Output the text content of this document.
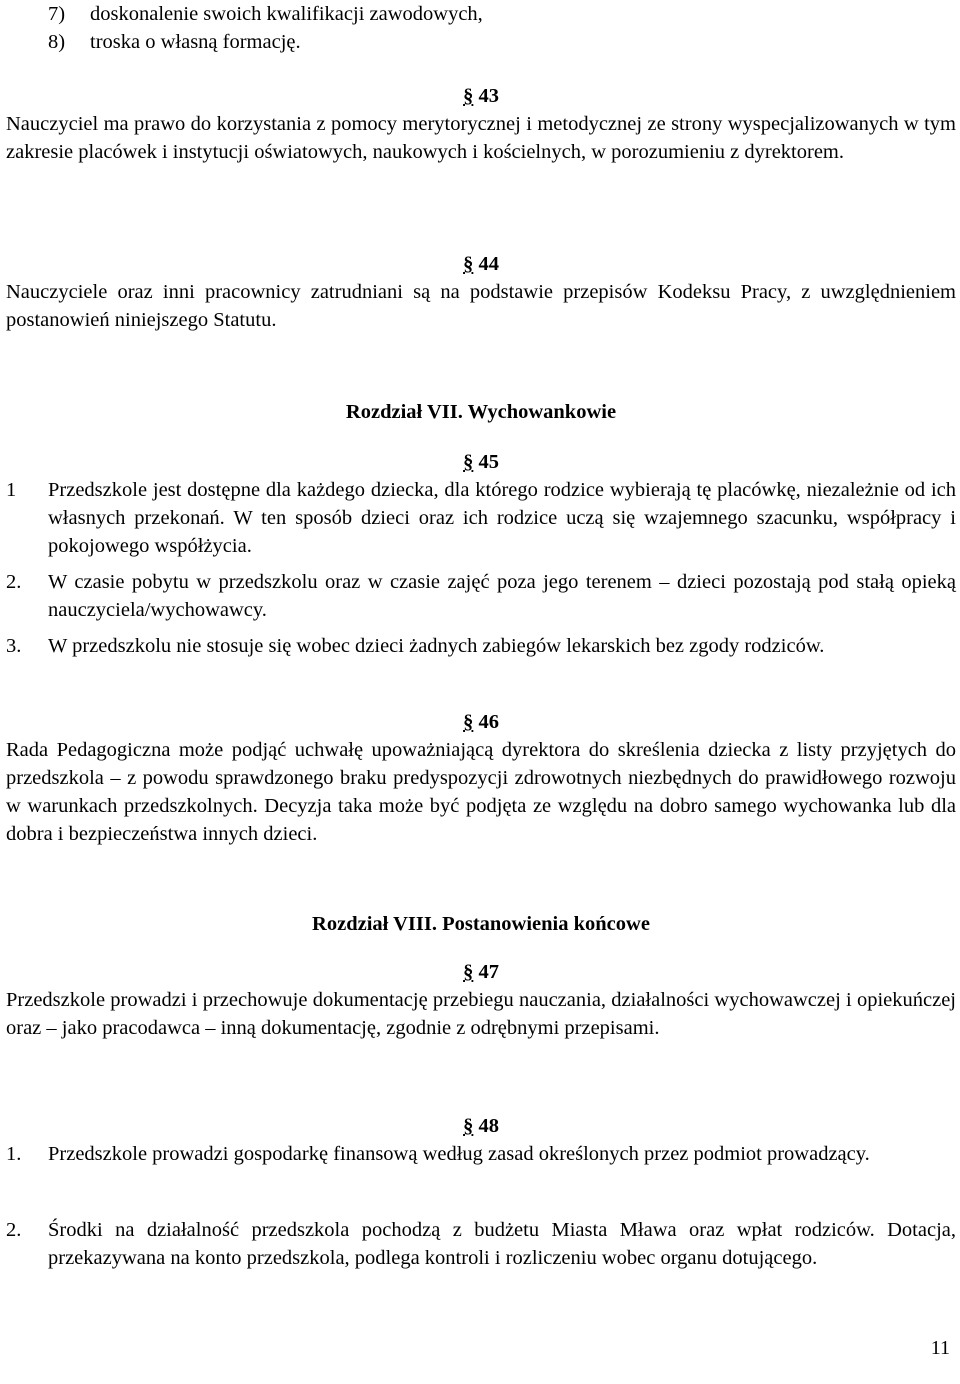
7) doskonalenie swoich kwalifikacji zawodowych,
8) troska o własną formację.
§ 43

Nauczyciel ma prawo do korzystania z pomocy merytorycznej i metodycznej ze strony wyspecjalizowanych w tym zakresie placówek i instytucji oświatowych, naukowych i kościelnych, w porozumieniu z dyrektorem.

§ 44

Nauczyciele oraz inni pracownicy zatrudniani są na podstawie przepisów Kodeksu Pracy, z uwzględnieniem postanowień niniejszego Statutu.

Rozdział VII. Wychowankowie
§ 45
1 Przedszkole jest dostępne dla każdego dziecka, dla którego rodzice wybierają tę placówkę, niezależnie od ich własnych przekonań. W ten sposób dzieci oraz ich rodzice uczą się wzajemnego szacunku, współpracy i pokojowego współżycia.
2. W czasie pobytu w przedszkolu oraz w czasie zajęć poza jego terenem – dzieci pozostają pod stałą opieką nauczyciela/wychowawcy.
3. W przedszkolu nie stosuje się wobec dzieci żadnych zabiegów lekarskich bez zgody rodziców.
§ 46

Rada Pedagogiczna może podjąć uchwałę upoważniającą dyrektora do skreślenia dziecka z listy przyjętych do przedszkola – z powodu sprawdzonego braku predyspozycji zdrowotnych niezbędnych do prawidłowego rozwoju w warunkach przedszkolnych. Decyzja taka może być podjęta ze względu na dobro samego wychowanka lub dla dobra i bezpieczeństwa innych dzieci.

Rozdział VIII. Postanowienia końcowe
§ 47

Przedszkole prowadzi i przechowuje dokumentację przebiegu nauczania, działalności wychowawczej i opiekuńczej oraz – jako pracodawca – inną dokumentację, zgodnie z odrębnymi przepisami.

§ 48
1. Przedszkole prowadzi gospodarkę finansową według zasad określonych przez podmiot prowadzący.
2. Środki na działalność przedszkola pochodzą z budżetu Miasta Mława oraz wpłat rodziców. Dotacja, przekazywana na konto przedszkola, podlega kontroli i rozliczeniu wobec organu dotującego.
11
